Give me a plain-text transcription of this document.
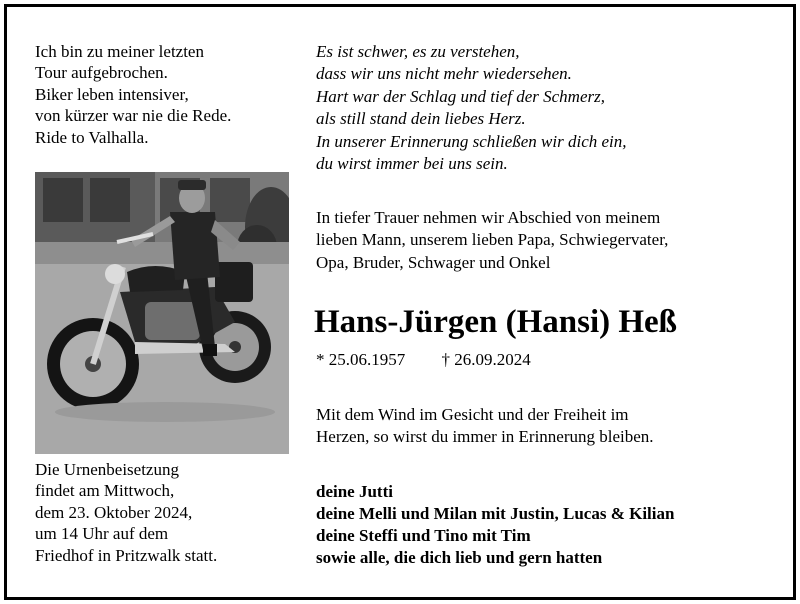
Ich bin zu meiner letzten
Tour aufgebrochen.
Biker leben intensiver,
von kürzer war nie die Rede.
Ride to Valhalla.
Es ist schwer, es zu verstehen,
dass wir uns nicht mehr wiedersehen.
Hart war der Schlag und tief der Schmerz,
als still stand dein liebes Herz.
In unserer Erinnerung schließen wir dich ein,
du wirst immer bei uns sein.
In tiefer Trauer nehmen wir Abschied von meinem
lieben Mann, unserem lieben Papa, Schwiegervater,
Opa, Bruder, Schwager und Onkel
Hans-Jürgen (Hansi) Heß
* 25.06.1957 † 26.09.2024
Mit dem Wind im Gesicht und der Freiheit im
Herzen, so wirst du immer in Erinnerung bleiben.
Die Urnenbeisetzung
findet am Mittwoch,
dem 23. Oktober 2024,
um 14 Uhr auf dem
Friedhof in Pritzwalk statt.
deine Jutti
deine Melli und Milan mit Justin, Lucas & Kilian
deine Steffi und Tino mit Tim
sowie alle, die dich lieb und gern hatten
